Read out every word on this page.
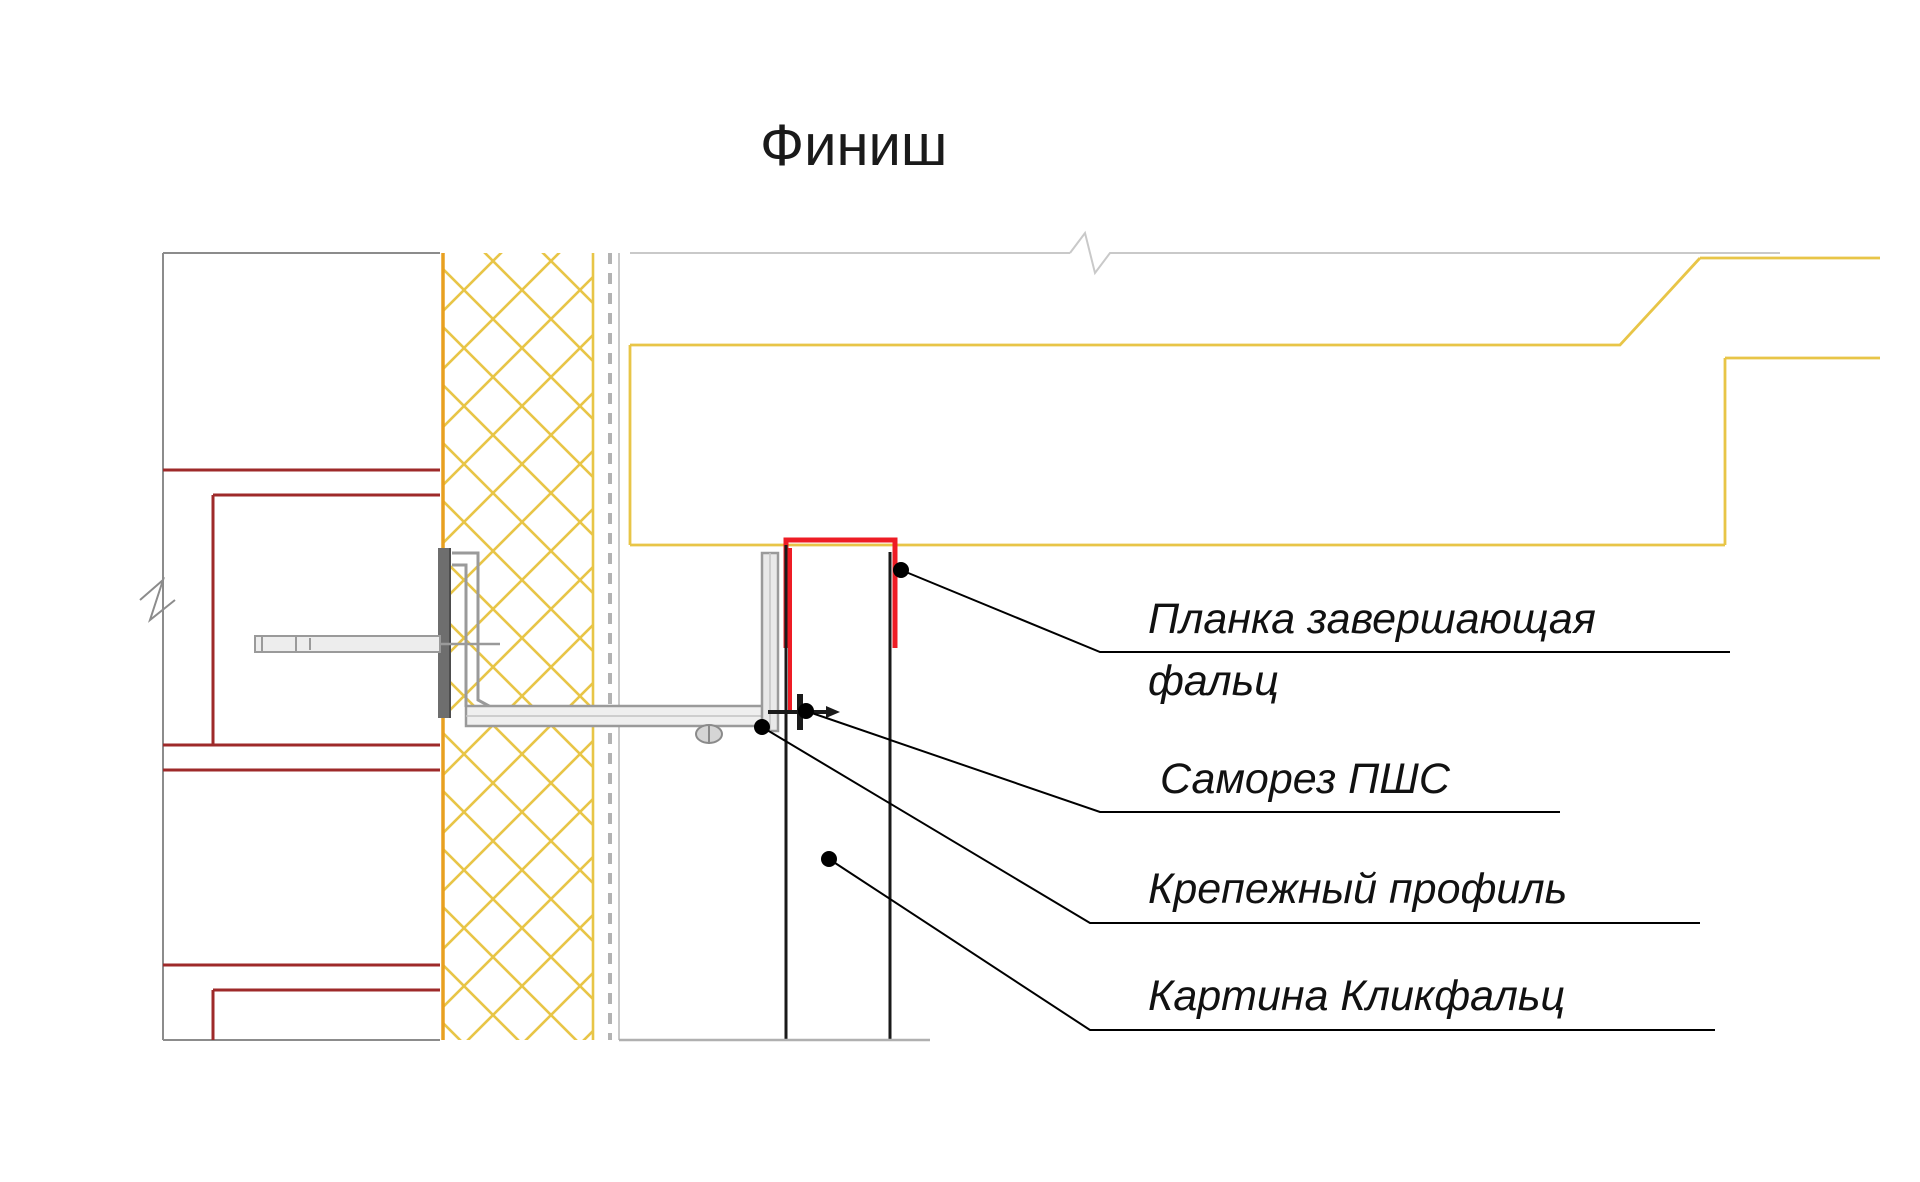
Финиш
Планка завершающая
фальц
Саморез ПШС
Крепежный профиль
Картина Кликфальц
